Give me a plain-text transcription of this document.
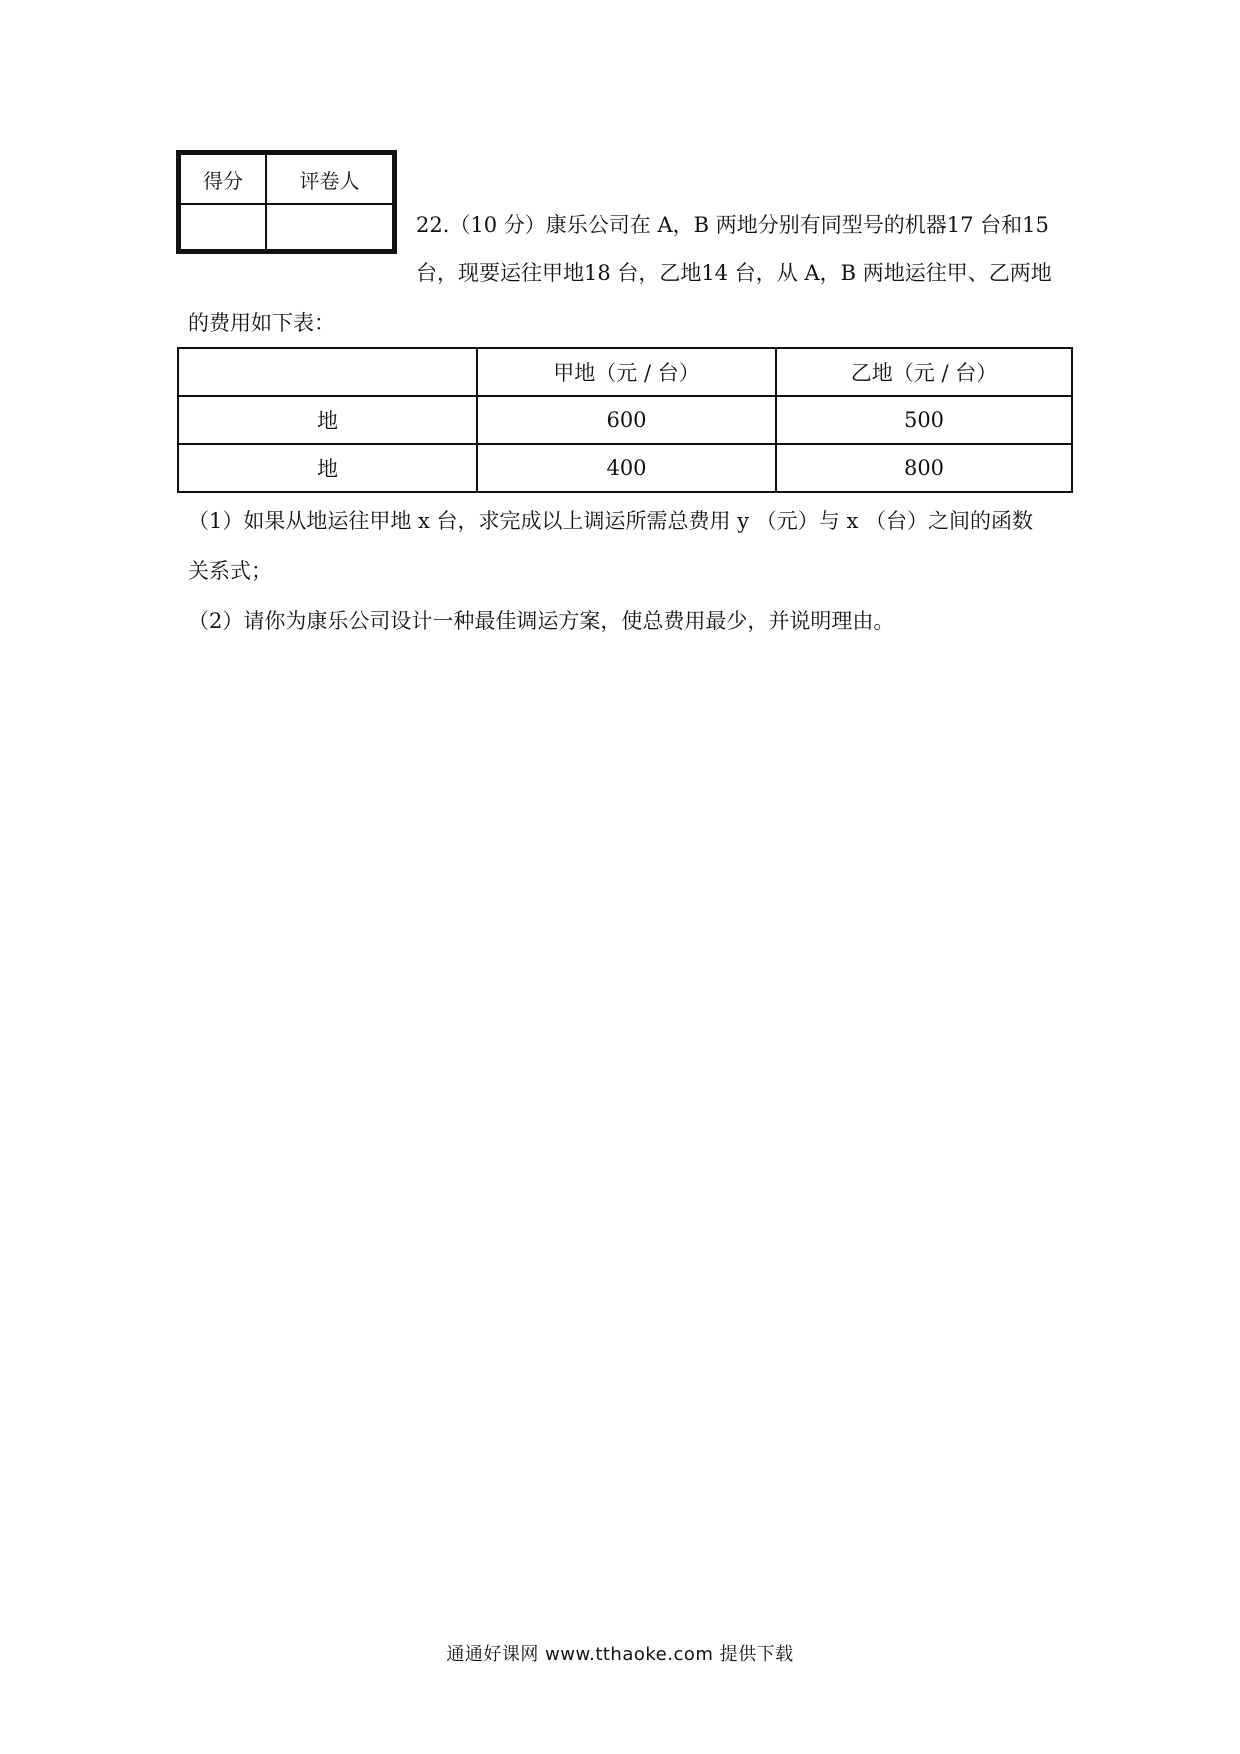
得分	评卷人

22.（10 分）康乐公司在 A，B 两地分别有同型号的机器17 台和15
台，现要运往甲地18 台，乙地14 台，从 A，B 两地运往甲、乙两地
的费用如下表：
	甲地（元 / 台）	乙地（元 / 台）
地	600	500
地	400	800
（1）如果从地运往甲地 x 台，求完成以上调运所需总费用 y （元）与 x （台）之间的函数
关系式；
（2）请你为康乐公司设计一种最佳调运方案，使总费用最少，并说明理由。
通通好课网 www.tthaoke.com 提供下载
